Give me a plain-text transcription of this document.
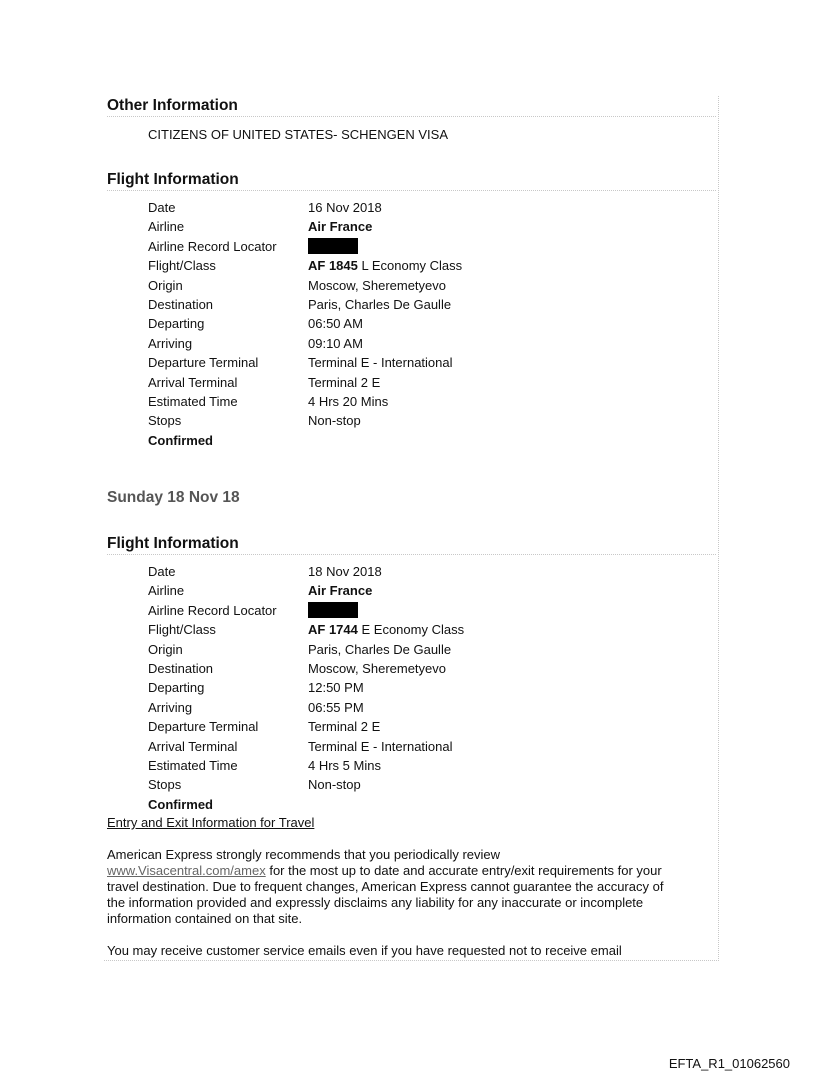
Other Information
CITIZENS OF UNITED STATES- SCHENGEN VISA
Flight Information
Date	16 Nov 2018
Airline	Air France
Airline Record Locator
Flight/Class	AF 1845 L Economy Class
Origin	Moscow, Sheremetyevo
Destination	Paris, Charles De Gaulle
Departing	06:50 AM
Arriving	09:10 AM
Departure Terminal	Terminal E - International
Arrival Terminal	Terminal 2 E
Estimated Time	4 Hrs 20 Mins
Stops	Non-stop
Confirmed
Sunday 18 Nov 18
Flight Information
Date	18 Nov 2018
Airline	Air France
Airline Record Locator
Flight/Class	AF 1744 E Economy Class
Origin	Paris, Charles De Gaulle
Destination	Moscow, Sheremetyevo
Departing	12:50 PM
Arriving	06:55 PM
Departure Terminal	Terminal 2 E
Arrival Terminal	Terminal E - International
Estimated Time	4 Hrs 5 Mins
Stops	Non-stop
Confirmed
Entry and Exit Information for Travel
American Express strongly recommends that you periodically review
www.Visacentral.com/amex for the most up to date and accurate entry/exit requirements for your
travel destination. Due to frequent changes, American Express cannot guarantee the accuracy of
the information provided and expressly disclaims any liability for any inaccurate or incomplete
information contained on that site.
You may receive customer service emails even if you have requested not to receive email
EFTA_R1_01062560
